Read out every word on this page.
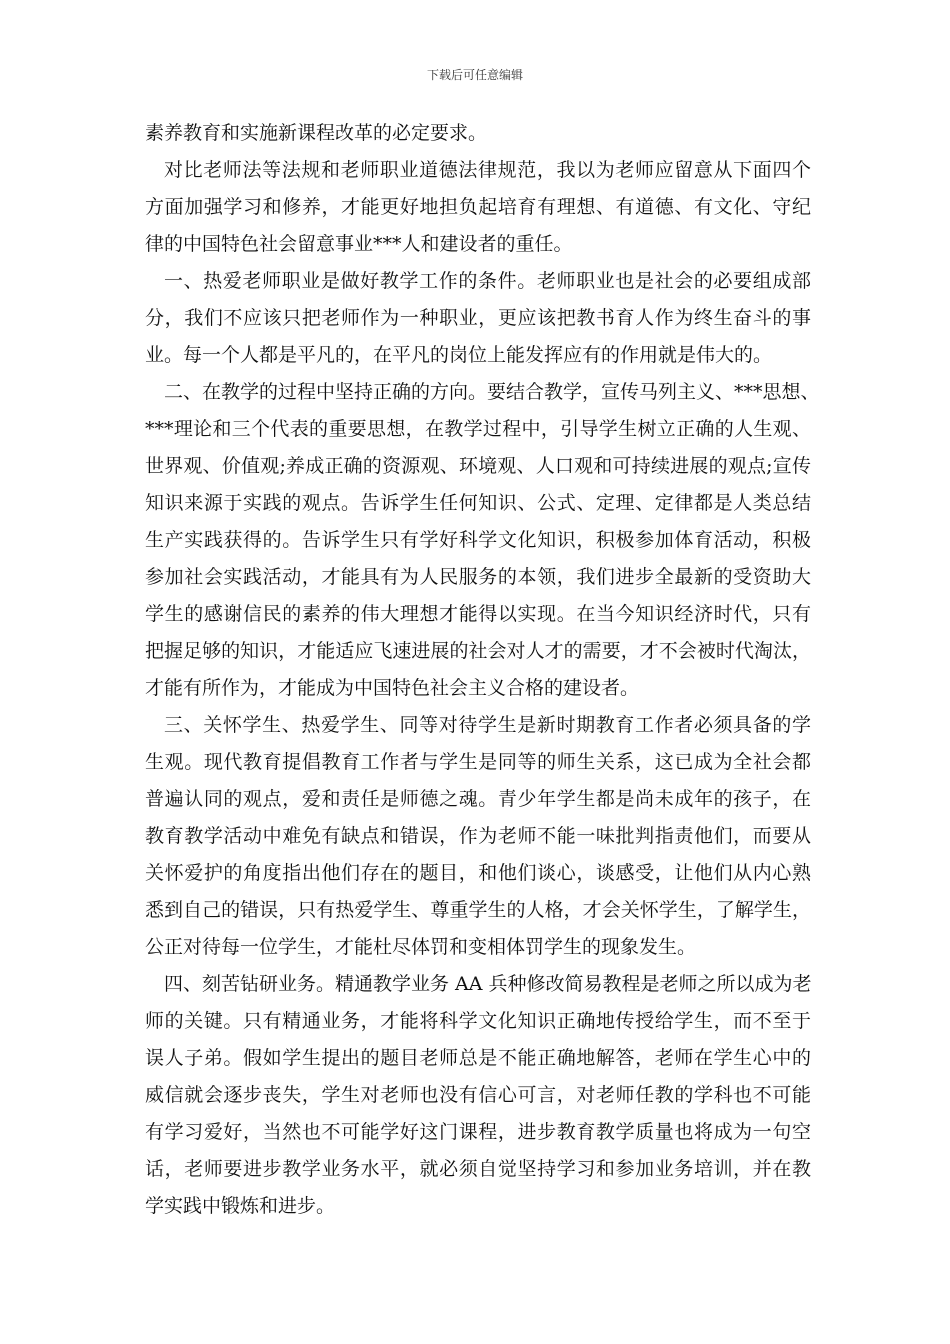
下载后可任意编辑
素养教育和实施新课程改革的必定要求。
对比老师法等法规和老师职业道德法律规范，我以为老师应留意从下面四个
方面加强学习和修养，才能更好地担负起培育有理想、有道德、有文化、守纪
律的中国特色社会留意事业***人和建设者的重任。
一、热爱老师职业是做好教学工作的条件。老师职业也是社会的必要组成部
分，我们不应该只把老师作为一种职业，更应该把教书育人作为终生奋斗的事
业。每一个人都是平凡的，在平凡的岗位上能发挥应有的作用就是伟大的。
二、在教学的过程中坚持正确的方向。要结合教学，宣传马列主义、***思想、
***理论和三个代表的重要思想，在教学过程中，引导学生树立正确的人生观、
世界观、价值观;养成正确的资源观、环境观、人口观和可持续进展的观点;宣传
知识来源于实践的观点。告诉学生任何知识、公式、定理、定律都是人类总结
生产实践获得的。告诉学生只有学好科学文化知识，积极参加体育活动，积极
参加社会实践活动，才能具有为人民服务的本领，我们进步全最新的受资助大
学生的感谢信民的素养的伟大理想才能得以实现。在当今知识经济时代，只有
把握足够的知识，才能适应飞速进展的社会对人才的需要，才不会被时代淘汰，
才能有所作为，才能成为中国特色社会主义合格的建设者。
三、关怀学生、热爱学生、同等对待学生是新时期教育工作者必须具备的学
生观。现代教育提倡教育工作者与学生是同等的师生关系，这已成为全社会都
普遍认同的观点，爱和责任是师德之魂。青少年学生都是尚未成年的孩子，在
教育教学活动中难免有缺点和错误，作为老师不能一味批判指责他们，而要从
关怀爱护的角度指出他们存在的题目，和他们谈心，谈感受，让他们从内心熟
悉到自己的错误，只有热爱学生、尊重学生的人格，才会关怀学生，了解学生，
公正对待每一位学生，才能杜尽体罚和变相体罚学生的现象发生。
四、刻苦钻研业务。精通教学业务 AA 兵种修改简易教程是老师之所以成为老
师的关键。只有精通业务，才能将科学文化知识正确地传授给学生，而不至于
误人子弟。假如学生提出的题目老师总是不能正确地解答，老师在学生心中的
威信就会逐步丧失，学生对老师也没有信心可言，对老师任教的学科也不可能
有学习爱好，当然也不可能学好这门课程，进步教育教学质量也将成为一句空
话，老师要进步教学业务水平，就必须自觉坚持学习和参加业务培训，并在教
学实践中锻炼和进步。
